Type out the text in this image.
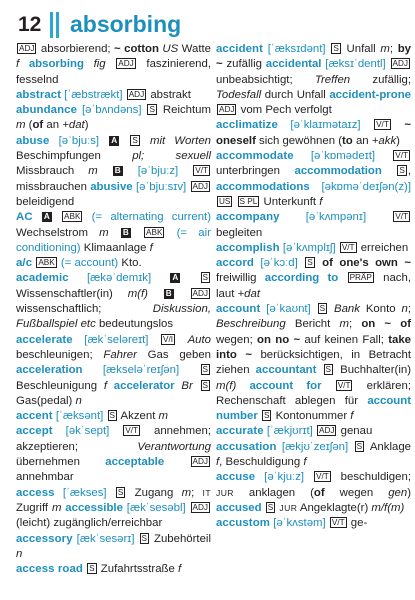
12 absorbing

ADJ absorbierend; ~ cotton US Watte f absorbing fig ADJ faszinierend, fesselnd

abstract [ˈæbstrækt] ADJ abstrakt

abundance [əˈbʌndəns] S Reichtum m (of an +dat)

abuse [əˈbjuːs] A S mit Worten Beschimpfungen pl; sexuell Missbrauch m B [əˈbjuːz] V/T missbrauchen abusive [əˈbjuːsɪv] ADJ beleidigend

AC A ABK (= alternating current) Wechselstrom m B ABK (= air conditioning) Klimaanlage f

a/c ABK (= account) Kto.

academic [ækəˈdemɪk]	A	S Wissenschaftler(in) m(f) B	ADJ wissenschaftlich; Diskussion, Fußballspiel etc bedeutungslos

accelerate [ækˈseləreɪt] V/I Auto beschleunigen; Fahrer Gas geben acceleration [ækseləˈreɪʃən]	S Beschleunigung f accelerator Br S Gas(pedal) n

accent [ˈæksənt] S Akzent m

accept [əkˈsept] V/T annehmen; akzeptieren; Verantwortung übernehmen acceptable	ADJ annehmbar

access [ˈækses] S Zugang m; IT Zugriff m accessible [ækˈsesəbl] ADJ (leicht) zugänglich/erreichbar

accessory [ækˈsesərɪ] S Zubehörteil n

access road S Zufahrtsstraße f

accident [ˈæksɪdənt] S Unfall m; by ~ zufällig accidental [æksɪˈdentl] ADJ unbeabsichtigt; Treffen zufällig; Todesfall durch Unfall accident-prone ADJ vom Pech verfolgt

acclimatize [əˈklaɪmətaɪz] V/T ~ oneself sich gewöhnen (to an +akk)

accommodate [əˈkɒmədeɪt] V/T unterbringen accommodation S , accommodations [əkɒməˈdeɪʃən(z)] US S PL Unterkunft f

accompany [əˈkʌmpənɪ]	V/T begleiten

accomplish [əˈkʌmplɪʃ] V/T erreichen

accord [əˈkɔːd] S of one's own ~ freiwillig according to PRÄP nach, laut +dat

account [əˈkaʊnt] S Bank Konto n; Beschreibung Bericht m; on ~ of wegen; on no ~ auf keinen Fall; take into ~ berücksichtigen, in Betracht ziehen accountant S Buchhalter(in) m(f) account for V/T erklären; Rechenschaft ablegen für account number S Kontonummer f

accurate [ˈækjʊrɪt] ADJ genau

accusation [ækjʊˈzeɪʃən] S Anklage f, Beschuldigung f

accuse [əˈkjuːz] V/T beschuldigen; JUR anklagen (of wegen gen) accused S JUR Angeklagte(r) m/f(m)

accustom [əˈkʌstəm] V/T ge-
